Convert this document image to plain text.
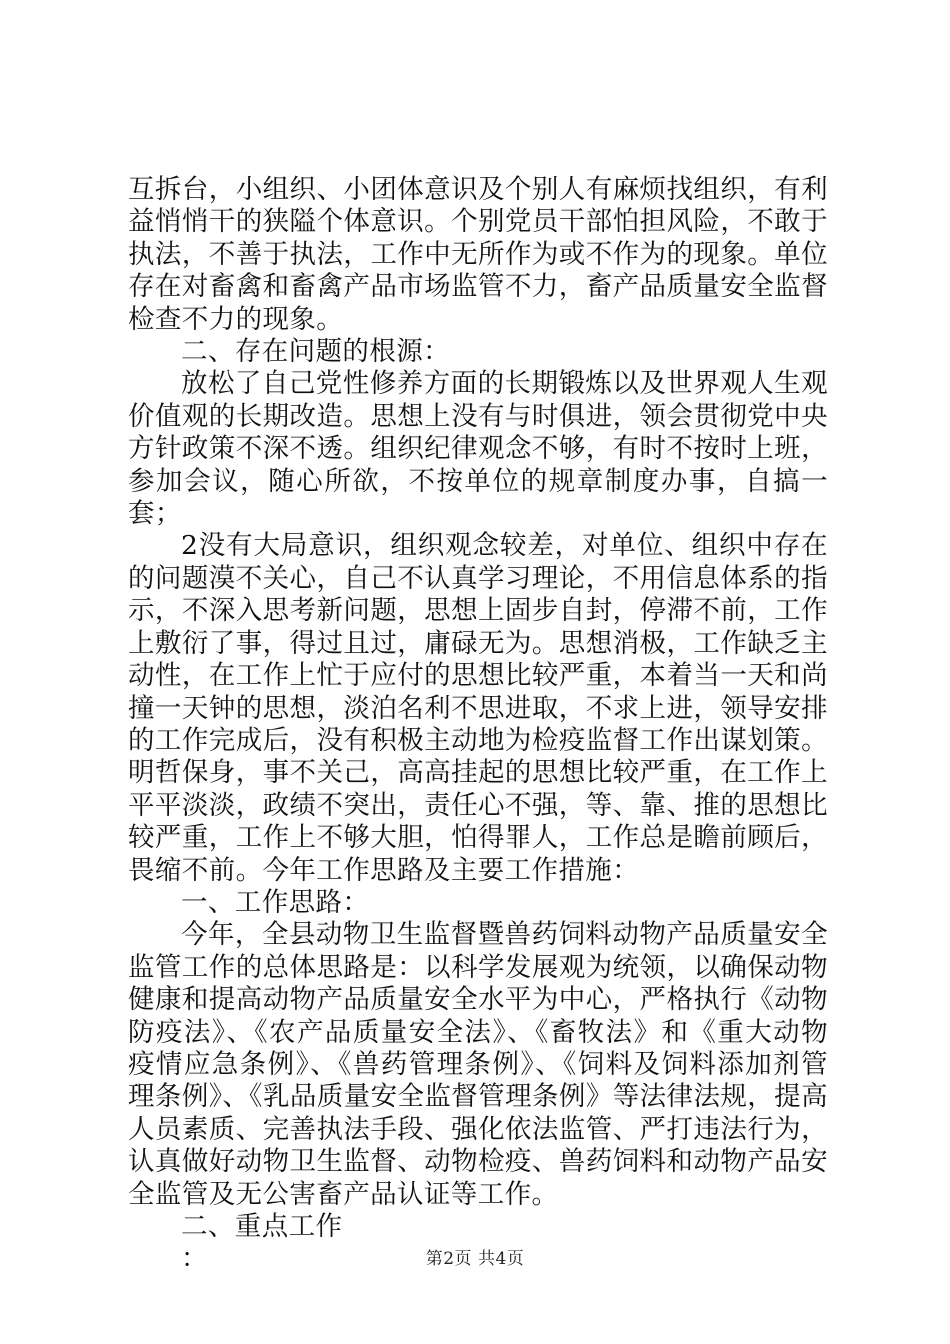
互拆台，小组织、小团体意识及个别人有麻烦找组织，有利益悄悄干的狭隘个体意识。个别党员干部怕担风险，不敢于执法，不善于执法，工作中无所作为或不作为的现象。单位存在对畜禽和畜禽产品市场监管不力，畜产品质量安全监督检查不力的现象。

二、存在问题的根源：

放松了自己党性修养方面的长期锻炼以及世界观人生观价值观的长期改造。思想上没有与时俱进，领会贯彻党中央方针政策不深不透。组织纪律观念不够，有时不按时上班，参加会议，随心所欲，不按单位的规章制度办事，自搞一套；

2没有大局意识，组织观念较差，对单位、组织中存在的问题漠不关心，自己不认真学习理论，不用信息体系的指示，不深入思考新问题，思想上固步自封，停滞不前，工作上敷衍了事，得过且过，庸碌无为。思想消极，工作缺乏主动性，在工作上忙于应付的思想比较严重，本着当一天和尚撞一天钟的思想，淡泊名利不思进取，不求上进，领导安排的工作完成后，没有积极主动地为检疫监督工作出谋划策。明哲保身，事不关己，高高挂起的思想比较严重，在工作上平平淡淡，政绩不突出，责任心不强，等、靠、推的思想比较严重，工作上不够大胆，怕得罪人，工作总是瞻前顾后，畏缩不前。今年工作思路及主要工作措施：

一、工作思路：

今年，全县动物卫生监督暨兽药饲料动物产品质量安全监管工作的总体思路是：以科学发展观为统领，以确保动物健康和提高动物产品质量安全水平为中心，严格执行《动物防疫法》、《农产品质量安全法》、《畜牧法》和《重大动物疫情应急条例》、《兽药管理条例》、《饲料及饲料添加剂管理条例》、《乳品质量安全监督管理条例》等法律法规，提高人员素质、完善执法手段、强化依法监管、严打违法行为，认真做好动物卫生监督、动物检疫、兽药饲料和动物产品安全监管及无公害畜产品认证等工作。

二、重点工作

：	第2页 共4页
